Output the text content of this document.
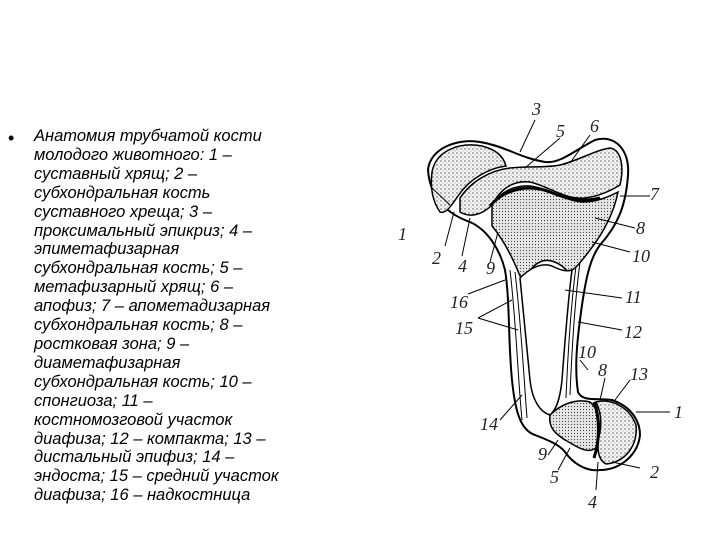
• Анатомия трубчатой кости
молодого животного: 1 –
суставный хрящ; 2 –
субхондральная кость
суставного хреща; 3 –
проксимальный эпикриз; 4 –
эпиметафизарная
субхондральная кость; 5 –
метафизарный хрящ; 6 –
апофиз; 7 – апометадизарная
субхондральная кость; 8 –
ростковая зона; 9 –
диаметафизарная
субхондральная кость; 10 –
спонгиоза; 11 –
костномозговой участок
диафиза; 12 – компакта; 13 –
дистальный эпифиз; 14 –
эндоста; 15 – средний участок
диафиза; 16 – надкостница

1
2
3
4
5 6
7
8
9
10
11
12
10
8 13
1
2
4
5
9
14
15
16
